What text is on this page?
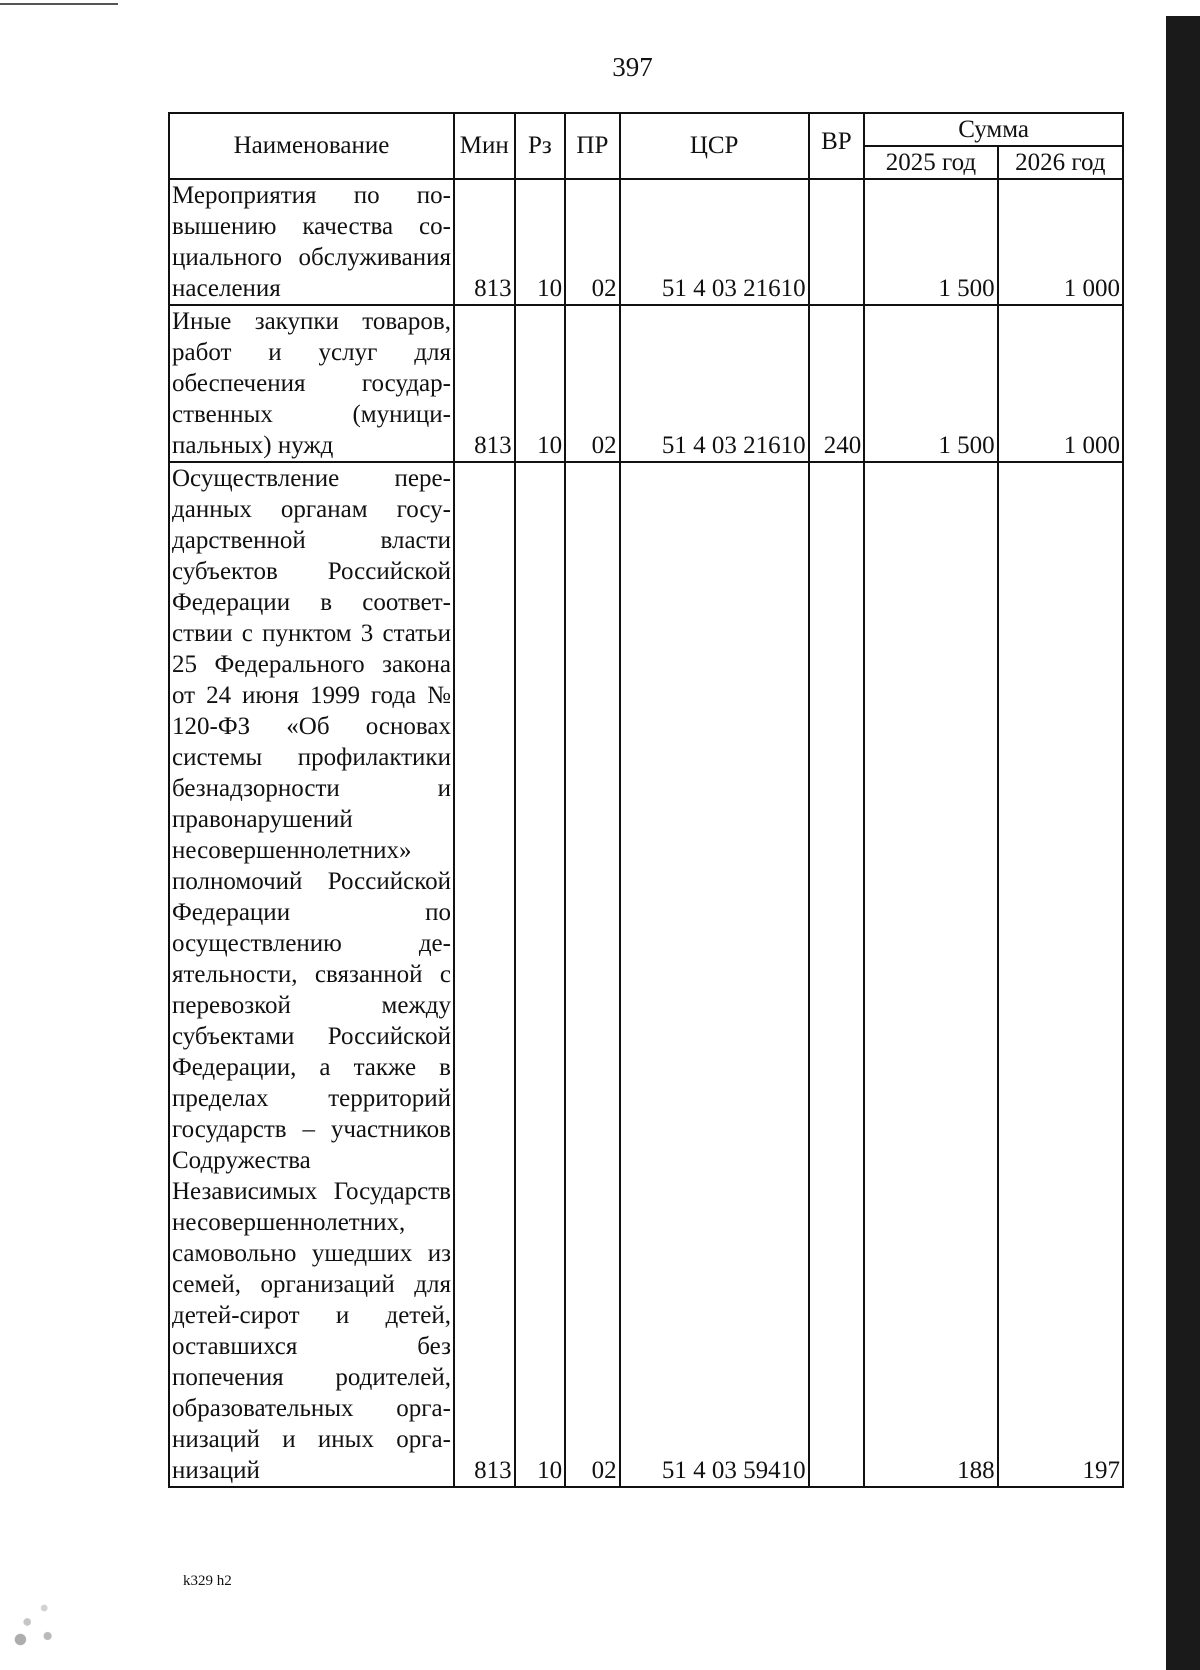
397
Наименование	Мин	Рз	ПР	ЦСР	ВР	Сумма	
						2025 год	2026 год
Мероприятия по повышению качества социального обслуживания населения	813	10	02	51 4 03 21610		1 500	1 000
Иные закупки товаров, работ и услуг для обеспечения государственных (муниципальных) нужд	813	10	02	51 4 03 21610	240	1 500	1 000
Осуществление переданных органам государственной власти субъектов Российской Федерации в соответствии с пунктом 3 статьи 25 Федерального закона от 24 июня 1999 года № 120-ФЗ «Об основах системы профилактики безнадзорности и правонарушений несовершеннолетних» полномочий Российской Федерации по осуществлению деятельности, связанной с перевозкой между субъектами Российской Федерации, а также в пределах территорий государств – участников Содружества Независимых Государств несовершеннолетних, самовольно ушедших из семей, организаций для детей-сирот и детей, оставшихся без попечения родителей, образовательных организаций и иных организаций	813	10	02	51 4 03 59410		188	197
k329 h2
